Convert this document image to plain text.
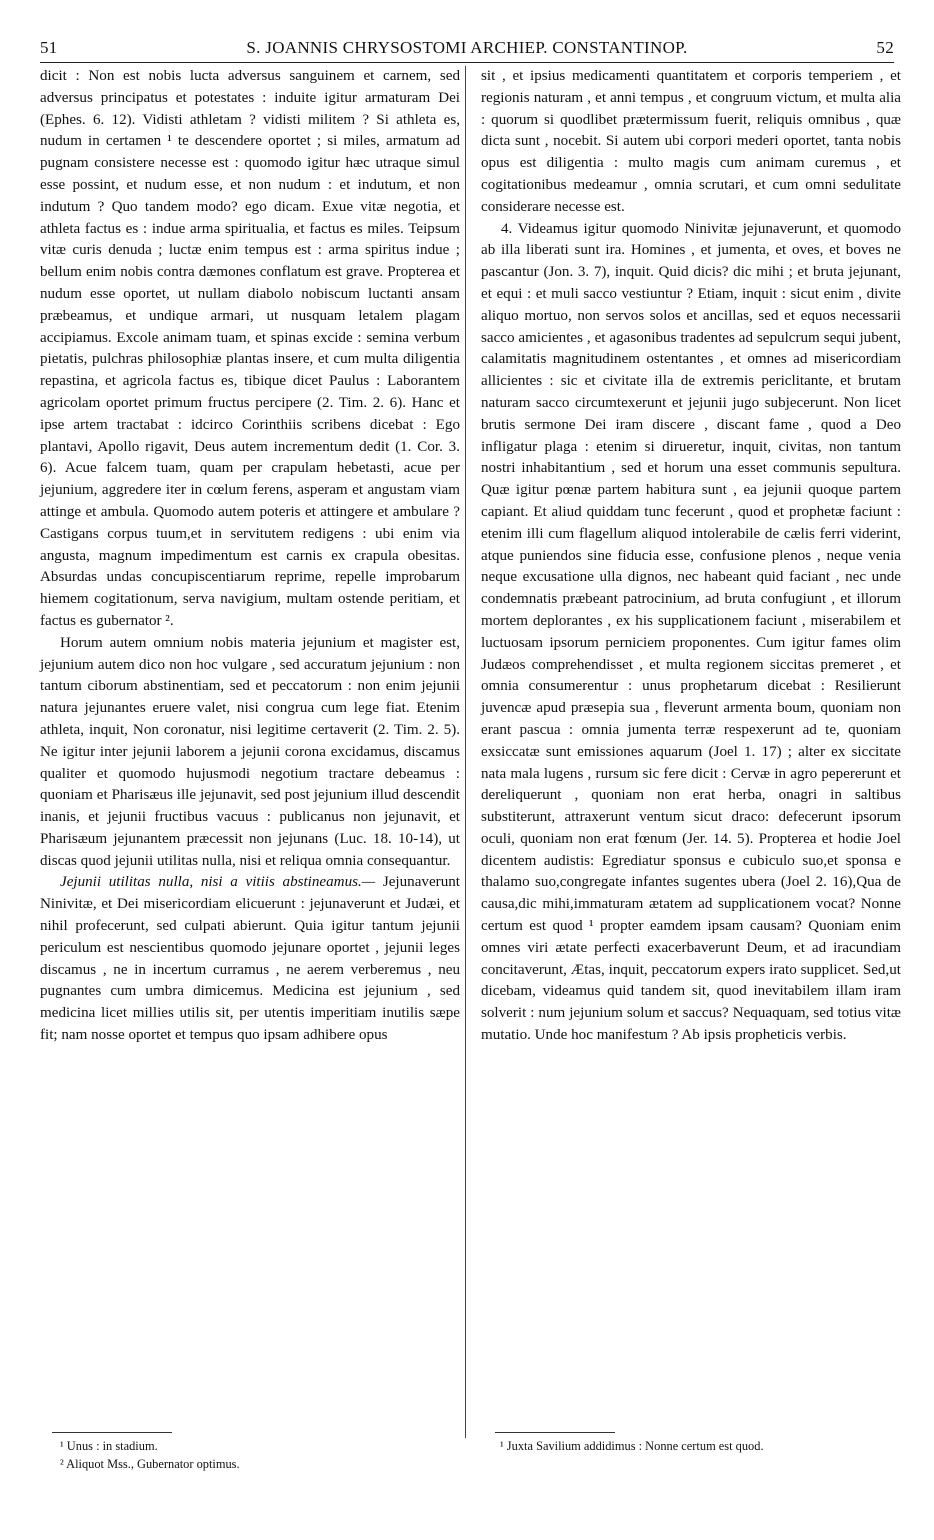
51	S. JOANNIS CHRYSOSTOMI ARCHIEP. CONSTANTINOP.	52

dicit : Non est nobis lucta adversus sanguinem et carnem, sed adversus principatus et potestates : induite igitur armaturam Dei (Ephes. 6. 12). Vidisti athletam ? vidisti militem ? Si athleta es, nudum in certamen ¹ te descendere oportet ; si miles, armatum ad pugnam consistere necesse est : quomodo igitur hæc utraque simul esse possint, et nudum esse, et non nudum : et indutum, et non indutum ? Quo tandem modo? ego dicam. Exue vitæ negotia, et athleta factus es : indue arma spiritualia, et factus es miles. Teipsum vitæ curis denuda ; luctæ enim tempus est : arma spiritus indue ; bellum enim nobis contra dæmones conflatum est grave. Propterea et nudum esse oportet, ut nullam diabolo nobiscum luctanti ansam præbeamus, et undique armari, ut nusquam letalem plagam accipiamus. Excole animam tuam, et spinas excide : semina verbum pietatis, pulchras philosophiæ plantas insere, et cum multa diligentia repastina, et agricola factus es, tibique dicet Paulus : Laborantem agricolam oportet primum fructus percipere (2. Tim. 2. 6). Hanc et ipse artem tractabat : idcirco Corinthiis scribens dicebat : Ego plantavi, Apollo rigavit, Deus autem incrementum dedit (1. Cor. 3. 6). Acue falcem tuam, quam per crapulam hebetasti, acue per jejunium, aggredere iter in cœlum ferens, asperam et angustam viam attinge et ambula. Quomodo autem poteris et attingere et ambulare ? Castigans corpus tuum,et in servitutem redigens : ubi enim via angusta, magnum impedimentum est carnis ex crapula obesitas. Absurdas undas concupiscentiarum reprime, repelle improbarum hiemem cogitationum, serva navigium, multam ostende peritiam, et factus es gubernator ².

Horum autem omnium nobis materia jejunium et magister est, jejunium autem dico non hoc vulgare , sed accuratum jejunium : non tantum ciborum abstinentiam, sed et peccatorum : non enim jejunii natura jejunantes eruere valet, nisi congrua cum lege fiat. Etenim athleta, inquit, Non coronatur, nisi legitime certaverit (2. Tim. 2. 5). Ne igitur inter jejunii laborem a jejunii corona excidamus, discamus qualiter et quomodo hujusmodi negotium tractare debeamus : quoniam et Pharisæus ille jejunavit, sed post jejunium illud descendit inanis, et jejunii fructibus vacuus : publicanus non jejunavit, et Pharisæum jejunantem præcessit non jejunans (Luc. 18. 10-14), ut discas quod jejunii utilitas nulla, nisi et reliqua omnia consequantur.

Jejunii utilitas nulla, nisi a vitiis abstineamus.— Jejunaverunt Ninivitæ, et Dei misericordiam elicuerunt : jejunaverunt et Judæi, et nihil profecerunt, sed culpati abierunt. Quia igitur tantum jejunii periculum est nescientibus quomodo jejunare oportet , jejunii leges discamus , ne in incertum curramus , ne aerem verberemus , neu pugnantes cum umbra dimicemus. Medicina est jejunium , sed medicina licet millies utilis sit, per utentis imperitiam inutilis sæpe fit; nam nosse oportet et tempus quo ipsam adhibere opus

sit , et ipsius medicamenti quantitatem et corporis temperiem , et regionis naturam , et anni tempus , et congruum victum, et multa alia : quorum si quodlibet prætermissum fuerit, reliquis omnibus , quæ dicta sunt , nocebit. Si autem ubi corpori mederi oportet, tanta nobis opus est diligentia : multo magis cum animam curemus , et cogitationibus medeamur , omnia scrutari, et cum omni sedulitate considerare necesse est.

4. Videamus igitur quomodo Ninivitæ jejunaverunt, et quomodo ab illa liberati sunt ira. Homines , et jumenta, et oves, et boves ne pascantur (Jon. 3. 7), inquit. Quid dicis? dic mihi ; et bruta jejunant, et equi : et muli sacco vestiuntur ? Etiam, inquit : sicut enim , divite aliquo mortuo, non servos solos et ancillas, sed et equos necessarii sacco amicientes , et agasonibus tradentes ad sepulcrum sequi jubent, calamitatis magnitudinem ostentantes , et omnes ad misericordiam allicientes : sic et civitate illa de extremis periclitante, et brutam naturam sacco circumtexerunt et jejunii jugo subjecerunt. Non licet brutis sermone Dei iram discere , discant fame , quod a Deo infligatur plaga : etenim si dirueretur, inquit, civitas, non tantum nostri inhabitantium , sed et horum una esset communis sepultura. Quæ igitur pœnæ partem habitura sunt , ea jejunii quoque partem capiant. Et aliud quiddam tunc fecerunt , quod et prophetæ faciunt : etenim illi cum flagellum aliquod intolerabile de cælis ferri viderint, atque puniendos sine fiducia esse, confusione plenos , neque venia neque excusatione ulla dignos, nec habeant quid faciant , nec unde condemnatis præbeant patrocinium, ad bruta confugiunt , et illorum mortem deplorantes , ex his supplicationem faciunt , miserabilem et luctuosam ipsorum perniciem proponentes. Cum igitur fames olim Judæos comprehendisset , et multa regionem siccitas premeret , et omnia consumerentur : unus prophetarum dicebat : Resilierunt juvencæ apud præsepia sua , fleverunt armenta boum, quoniam non erant pascua : omnia jumenta terræ respexerunt ad te, quoniam exsiccatæ sunt emissiones aquarum (Joel 1. 17) ; alter ex siccitate nata mala lugens , rursum sic fere dicit : Cervæ in agro pepererunt et dereliquerunt , quoniam non erat herba, onagri in saltibus substiterunt, attraxerunt ventum sicut draco: defecerunt ipsorum oculi, quoniam non erat fœnum (Jer. 14. 5). Propterea et hodie Joel dicentem audistis: Egrediatur sponsus e cubiculo suo,et sponsa e thalamo suo,congregate infantes sugentes ubera (Joel 2. 16),Qua de causa,dic mihi,immaturam ætatem ad supplicationem vocat? Nonne certum est quod ¹ propter eamdem ipsam causam? Quoniam enim omnes viri ætate perfecti exacerbaverunt Deum, et ad iracundiam concitaverunt, Ætas, inquit, peccatorum expers irato supplicet. Sed,ut dicebam, videamus quid tandem sit, quod inevitabilem illam iram solverit : num jejunium solum et saccus? Nequaquam, sed totius vitæ mutatio. Unde hoc manifestum ? Ab ipsis propheticis verbis.

¹ Unus : in stadium.
² Aliquot Mss., Gubernator optimus.
¹ Juxta Savilium addidimus : Nonne certum est quod.
